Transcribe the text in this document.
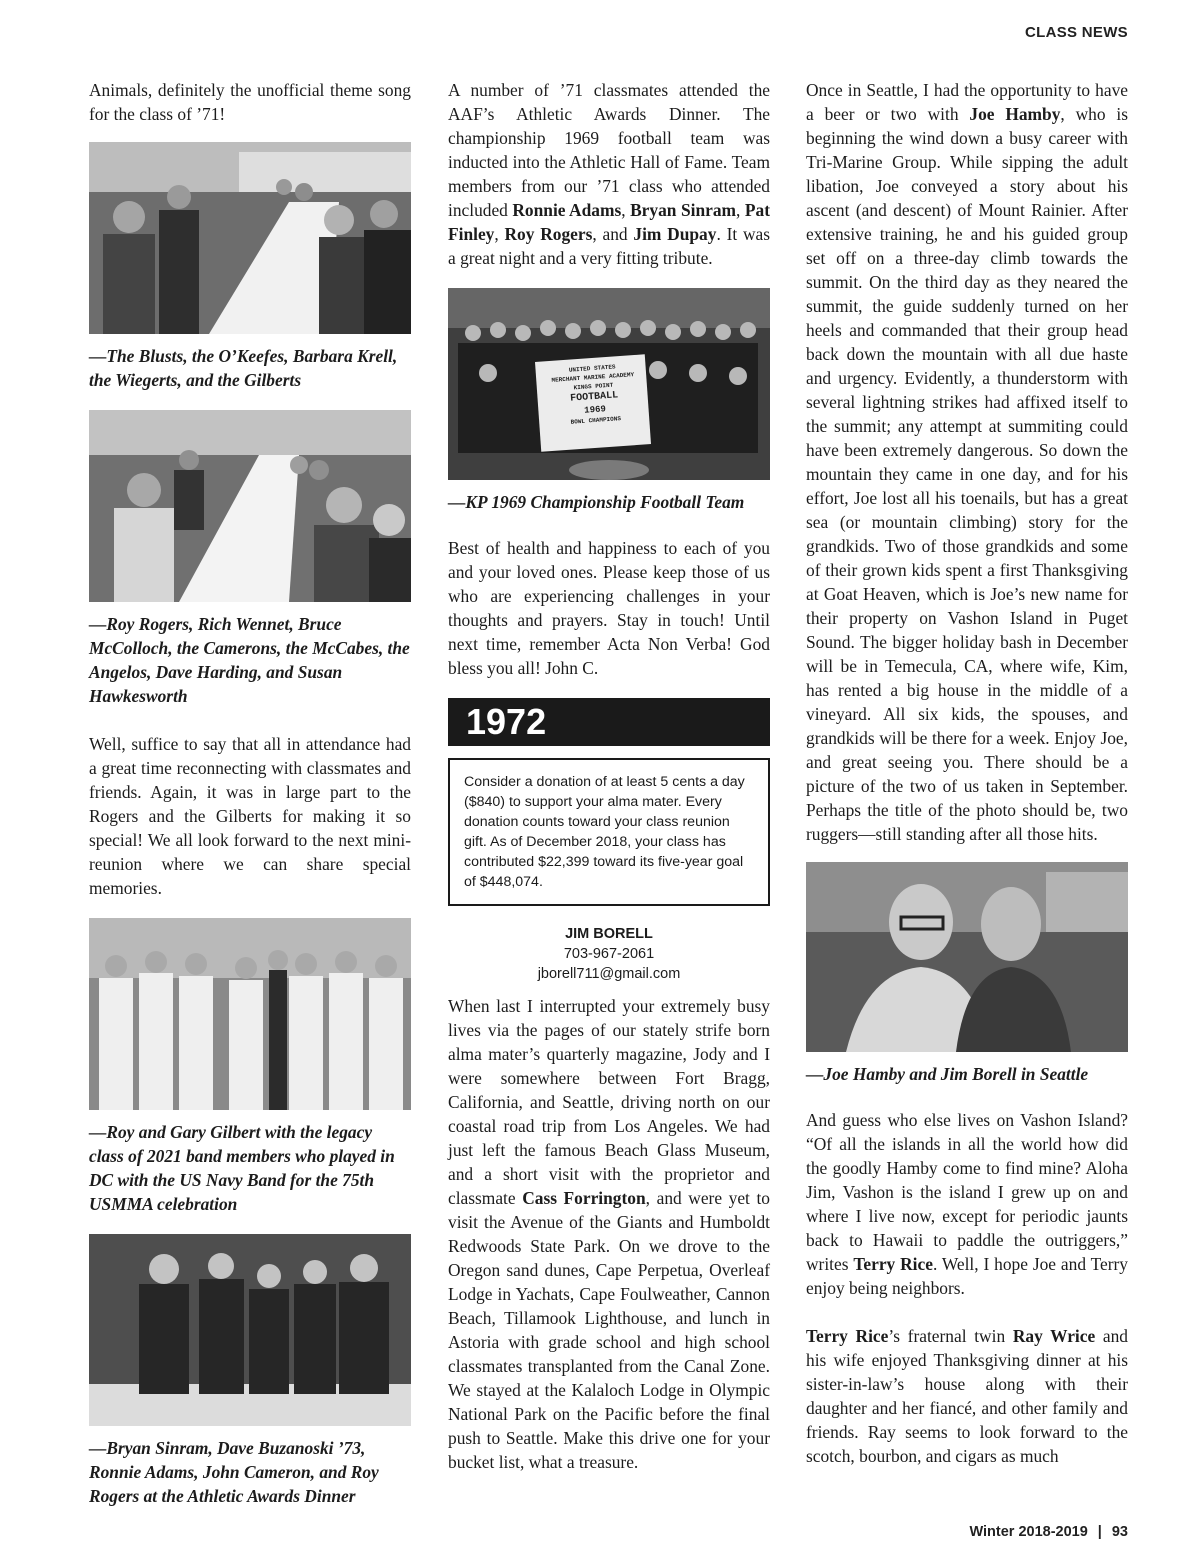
CLASS NEWS

Animals, definitely the unofficial theme song for the class of ’71!

—The Blusts, the O’Keefes, Barbara Krell, the Wiegerts, and the Gilberts

—Roy Rogers, Rich Wennet, Bruce McColloch, the Camerons, the McCabes, the Angelos, Dave Harding, and Susan Hawkesworth

Well, suffice to say that all in attendance had a great time reconnecting with classmates and friends. Again, it was in large part to the Rogers and the Gilberts for making it so special! We all look forward to the next mini-reunion where we can share special memories.

—Roy and Gary Gilbert with the legacy class of 2021 band members who played in DC with the US Navy Band for the 75th USMMA celebration

—Bryan Sinram, Dave Buzanoski ’73, Ronnie Adams, John Cameron, and Roy Rogers at the Athletic Awards Dinner

A number of ’71 classmates attended the AAF’s Athletic Awards Dinner. The championship 1969 football team was inducted into the Athletic Hall of Fame. Team members from our ’71 class who attended included Ronnie Adams, Bryan Sinram, Pat Finley, Roy Rogers, and Jim Dupay. It was a great night and a very fitting tribute.

UNITED STATES
MERCHANT MARINE ACADEMY
KINGS POINT
FOOTBALL
1969
BOWL CHAMPIONS

—KP 1969 Championship Football Team

Best of health and happiness to each of you and your loved ones. Please keep those of us who are experiencing challenges in your thoughts and prayers. Stay in touch! Until next time, remember Acta Non Verba! God bless you all! John C.

1972
Consider a donation of at least 5 cents a day ($840) to support your alma mater. Every donation counts toward your class reunion gift. As of December 2018, your class has contributed $22,399 toward its five-year goal of $448,074.
JIM BORELL
703-967-2061
jborell711@gmail.com

When last I interrupted your extremely busy lives via the pages of our stately strife born alma mater’s quarterly magazine, Jody and I were somewhere between Fort Bragg, California, and Seattle, driving north on our coastal road trip from Los Angeles. We had just left the famous Beach Glass Museum, and a short visit with the proprietor and classmate Cass Forrington, and were yet to visit the Avenue of the Giants and Humboldt Redwoods State Park. On we drove to the Oregon sand dunes, Cape Perpetua, Overleaf Lodge in Yachats, Cape Foulweather, Cannon Beach, Tillamook Lighthouse, and lunch in Astoria with grade school and high school classmates transplanted from the Canal Zone. We stayed at the Kalaloch Lodge in Olympic National Park on the Pacific before the final push to Seattle. Make this drive one for your bucket list, what a treasure.

Once in Seattle, I had the opportunity to have a beer or two with Joe Hamby, who is beginning the wind down a busy career with Tri-Marine Group. While sipping the adult libation, Joe conveyed a story about his ascent (and descent) of Mount Rainier. After extensive training, he and his guided group set off on a three-day climb towards the summit. On the third day as they neared the summit, the guide suddenly turned on her heels and commanded that their group head back down the mountain with all due haste and urgency. Evidently, a thunderstorm with several lightning strikes had affixed itself to the summit; any attempt at summiting could have been extremely dangerous. So down the mountain they came in one day, and for his effort, Joe lost all his toenails, but has a great sea (or mountain climbing) story for the grandkids. Two of those grandkids and some of their grown kids spent a first Thanksgiving at Goat Heaven, which is Joe’s new name for their property on Vashon Island in Puget Sound. The bigger holiday bash in December will be in Temecula, CA, where wife, Kim, has rented a big house in the middle of a vineyard. All six kids, the spouses, and grandkids will be there for a week. Enjoy Joe, and great seeing you. There should be a picture of the two of us taken in September. Perhaps the title of the photo should be, two ruggers—still standing after all those hits.

—Joe Hamby and Jim Borell in Seattle

And guess who else lives on Vashon Island? “Of all the islands in all the world how did the goodly Hamby come to find mine? Aloha Jim, Vashon is the island I grew up on and where I live now, except for periodic jaunts back to Hawaii to paddle the outriggers,” writes Terry Rice. Well, I hope Joe and Terry enjoy being neighbors.

Terry Rice’s fraternal twin Ray Wrice and his wife enjoyed Thanksgiving dinner at his sister-in-law’s house along with their daughter and her fiancé, and other family and friends. Ray seems to look forward to the scotch, bourbon, and cigars as much

Winter 2018-2019 | 93
